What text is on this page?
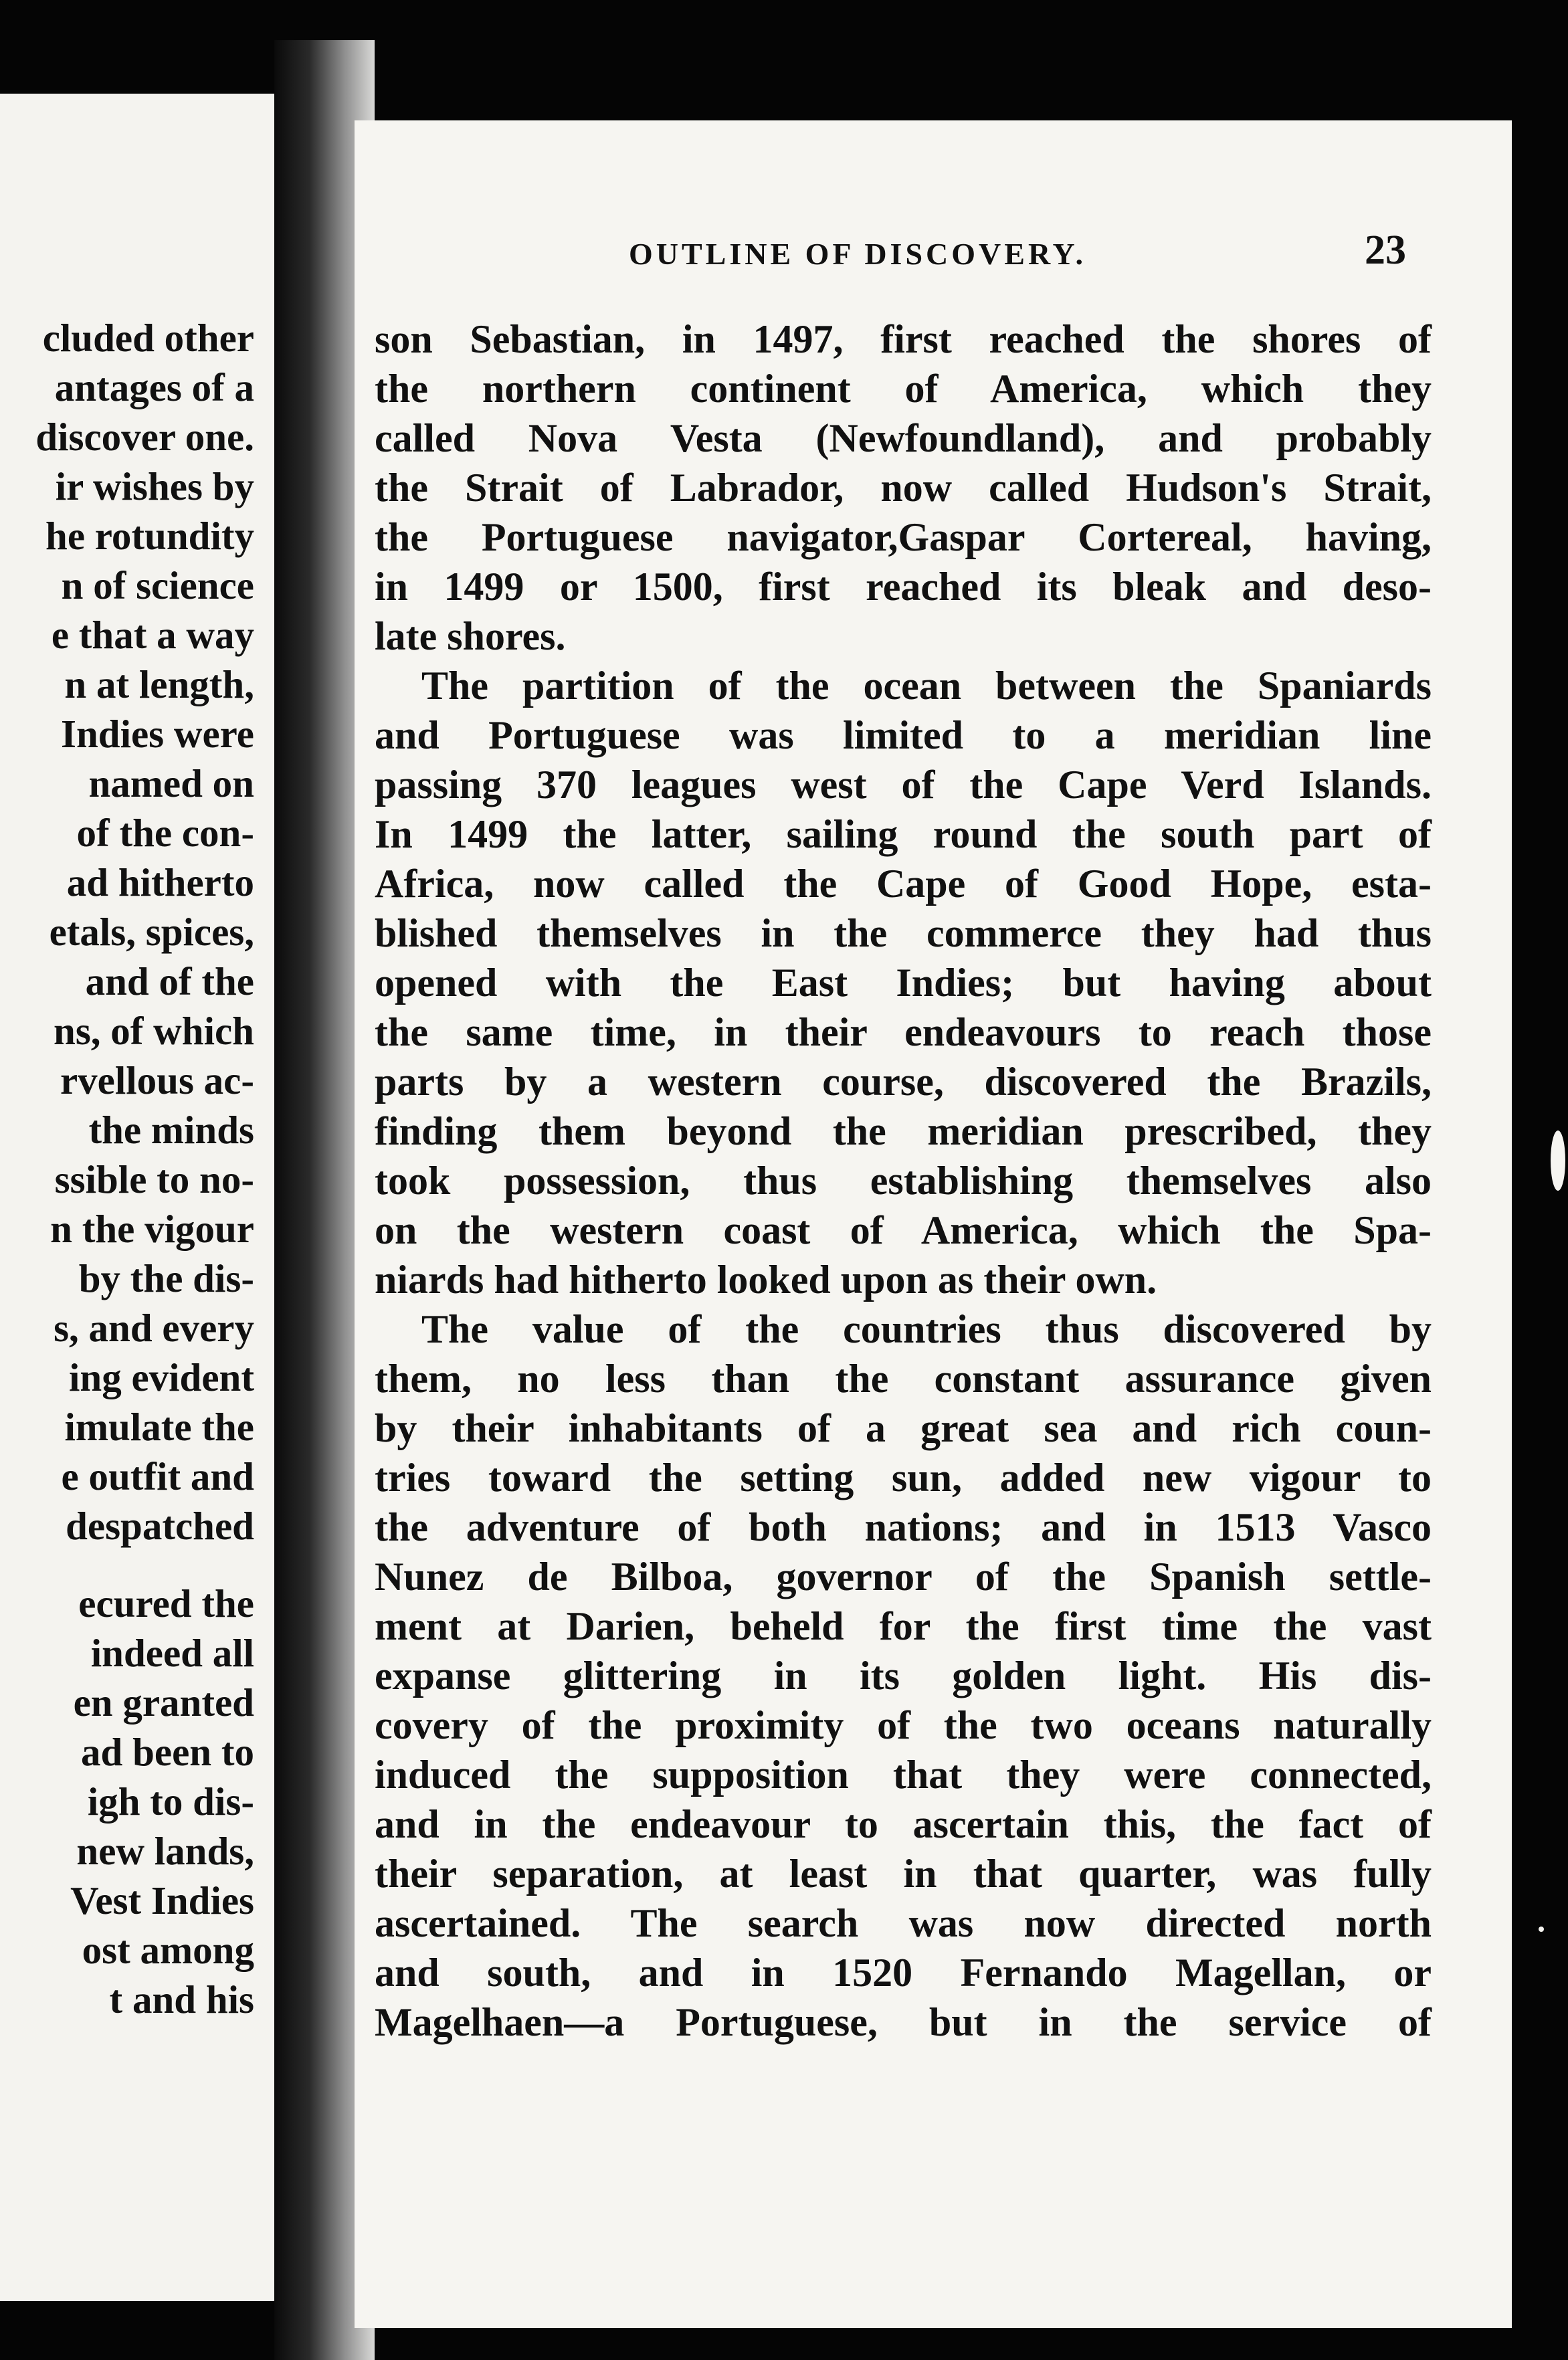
cluded other
antages of a
discover one.
ir wishes by
he rotundity
n of science
e that a way
n at length,
Indies were
named on
of the con-
ad hitherto
etals, spices,
and of the
ns, of which
rvellous ac-
the minds
ssible to no-
n the vigour
by the dis-
s, and every
ing evident
imulate the
e outfit and
despatched
ecured the
indeed all
en granted
ad been to
igh to dis-
new lands,
Vest Indies
ost among
t and his
OUTLINE OF DISCOVERY.	23
son Sebastian, in 1497, first reached the shores of
the northern continent of America, which they
called Nova Vesta (Newfoundland), and probably
the Strait of Labrador, now called Hudson's Strait,
the Portuguese navigator,Gaspar Cortereal, having,
in 1499 or 1500, first reached its bleak and deso-
late shores.
The partition of the ocean between the Spaniards
and Portuguese was limited to a meridian line
passing 370 leagues west of the Cape Verd Islands.
In 1499 the latter, sailing round the south part of
Africa, now called the Cape of Good Hope, esta-
blished themselves in the commerce they had thus
opened with the East Indies; but having about
the same time, in their endeavours to reach those
parts by a western course, discovered the Brazils,
finding them beyond the meridian prescribed, they
took possession, thus establishing themselves also
on the western coast of America, which the Spa-
niards had hitherto looked upon as their own.
The value of the countries thus discovered by
them, no less than the constant assurance given
by their inhabitants of a great sea and rich coun-
tries toward the setting sun, added new vigour to
the adventure of both nations; and in 1513 Vasco
Nunez de Bilboa, governor of the Spanish settle-
ment at Darien, beheld for the first time the vast
expanse glittering in its golden light. His dis-
covery of the proximity of the two oceans naturally
induced the supposition that they were connected,
and in the endeavour to ascertain this, the fact of
their separation, at least in that quarter, was fully
ascertained. The search was now directed north
and south, and in 1520 Fernando Magellan, or
Magelhaen—a Portuguese, but in the service of
